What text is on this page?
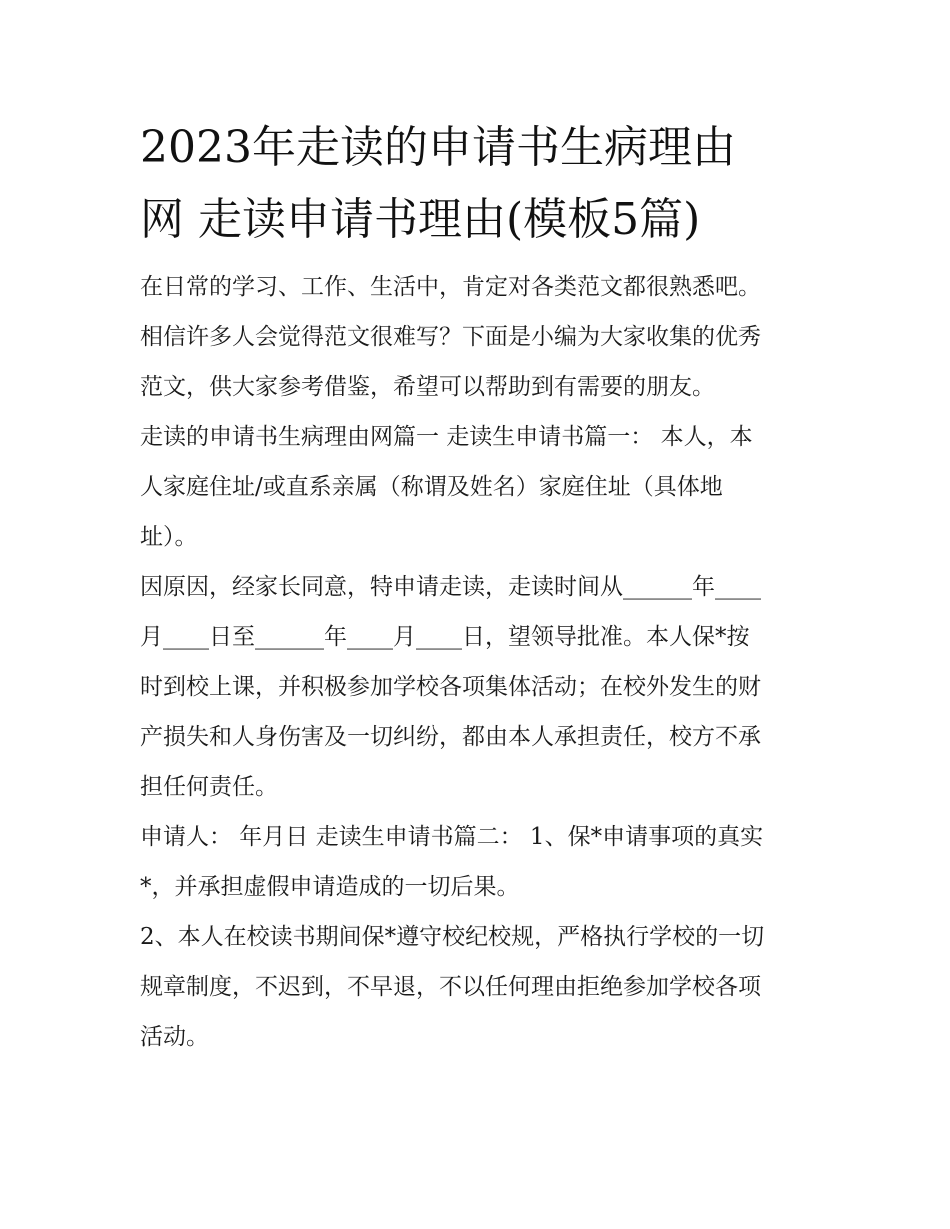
2023年走读的申请书生病理由
网 走读申请书理由(模板5篇)

在日常的学习、工作、生活中，肯定对各类范文都很熟悉吧。
相信许多人会觉得范文很难写？下面是小编为大家收集的优秀
范文，供大家参考借鉴，希望可以帮助到有需要的朋友。

走读的申请书生病理由网篇一 走读生申请书篇一： 本人，本
人家庭住址/或直系亲属（称谓及姓名）家庭住址（具体地
址）。

因原因，经家长同意，特申请走读，走读时间从______年____
月____日至______年____月____日，望领导批准。本人保*按
时到校上课，并积极参加学校各项集体活动；在校外发生的财
产损失和人身伤害及一切纠纷，都由本人承担责任，校方不承
担任何责任。

申请人： 年月日 走读生申请书篇二： 1、保*申请事项的真实
*，并承担虚假申请造成的一切后果。

2、本人在校读书期间保*遵守校纪校规，严格执行学校的一切
规章制度，不迟到，不早退，不以任何理由拒绝参加学校各项
活动。
